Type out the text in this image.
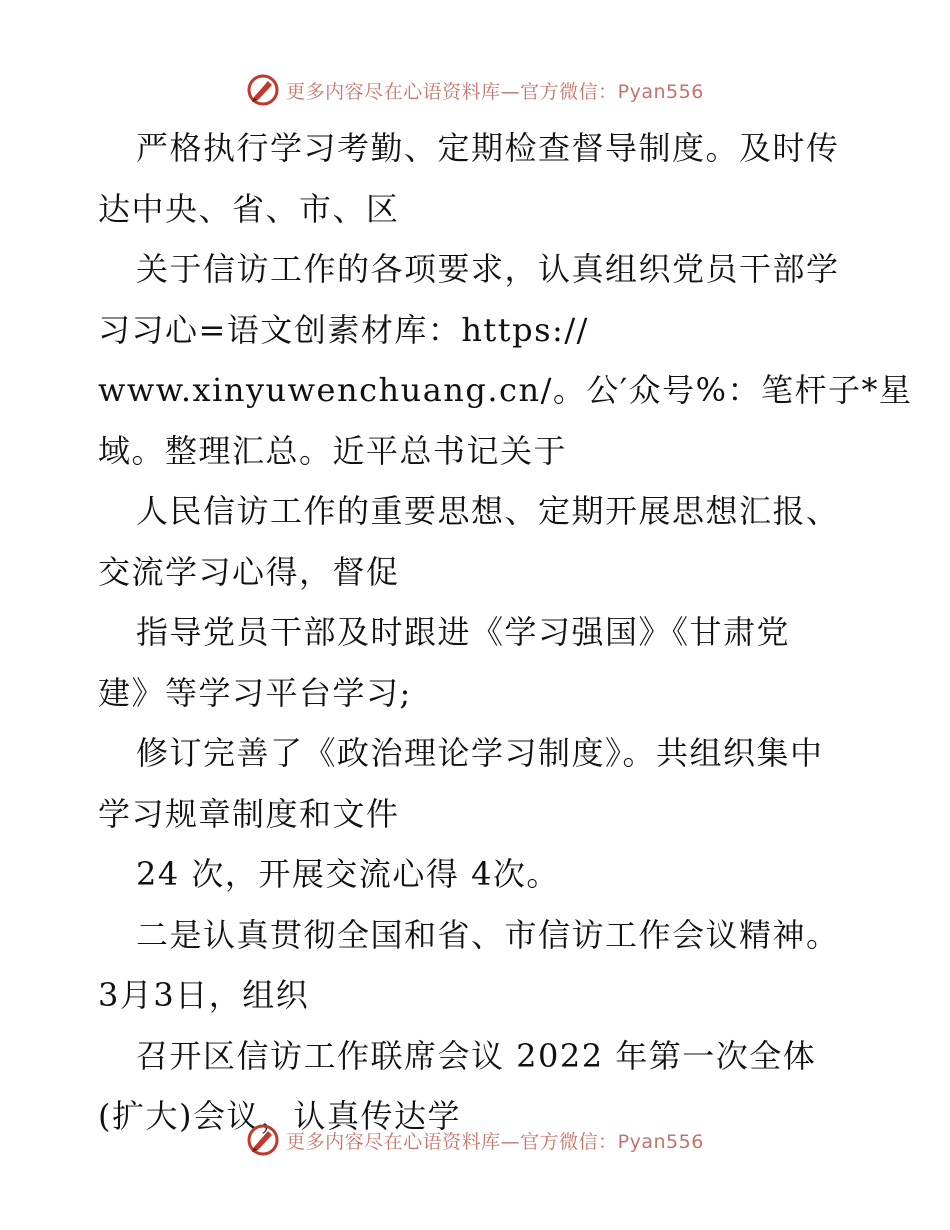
更多内容尽在心语资料库—官方微信：Pyan556
严格执行学习考勤、定期检查督导制度。及时传
达中央、省、市、区
关于信访工作的各项要求，认真组织党员干部学
习习心=语文创素材库：https://
www.xinyuwenchuang.cn/。公′众号%：笔杆子*星
域。整理汇总。近平总书记关于
人民信访工作的重要思想、定期开展思想汇报、
交流学习心得，督促
指导党员干部及时跟进《学习强国》《甘肃党
建》等学习平台学习;
修订完善了《政治理论学习制度》。共组织集中
学习规章制度和文件
24 次，开展交流心得 4次。
二是认真贯彻全国和省、市信访工作会议精神。
3月3日，组织
召开区信访工作联席会议 2022 年第一次全体
(扩大)会议，认真传达学
更多内容尽在心语资料库—官方微信：Pyan556
